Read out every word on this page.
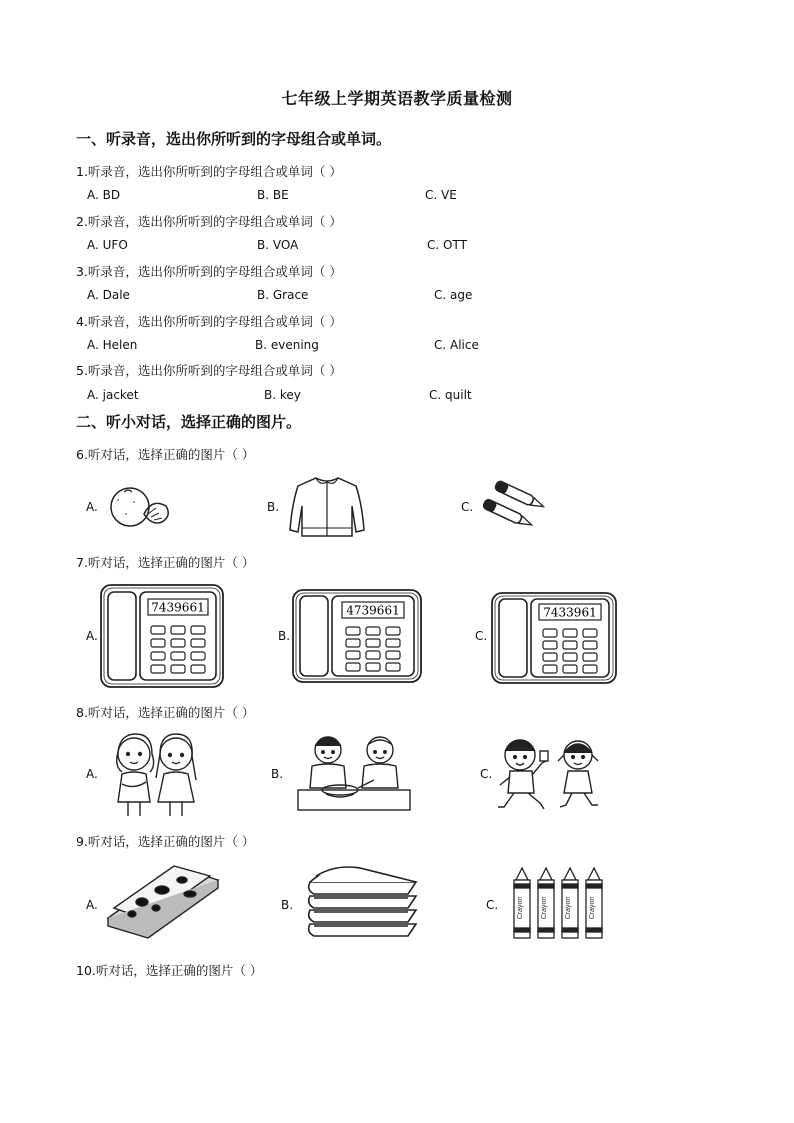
七年级上学期英语教学质量检测
一、听录音，选出你所听到的字母组合或单词。
1.听录音，选出你所听到的字母组合或单词（ ）
A. BD	B. BE	C. VE
2.听录音，选出你所听到的字母组合或单词（ ）
A. UFO	B. VOA	C. OTT
3.听录音，选出你所听到的字母组合或单词（ ）
A. Dale	B. Grace	C. age
4.听录音，选出你所听到的字母组合或单词（ ）
A. Helen	B. evening	C. Alice
5.听录音，选出你所听到的字母组合或单词（ ）
A. jacket	B. key	C. quilt
二、听小对话，选择正确的图片。
6.听对话，选择正确的图片（ ）
A.	B.	C.
7.听对话，选择正确的图片（ ）
A.	B.	C.
7439661	4739661	7433961
8.听对话，选择正确的图片（ ）
A.	B.	C.
9.听对话，选择正确的图片（ ）
A.	B.	C.	Crayon Crayon Crayon Crayon
10.听对话，选择正确的图片（ ）
